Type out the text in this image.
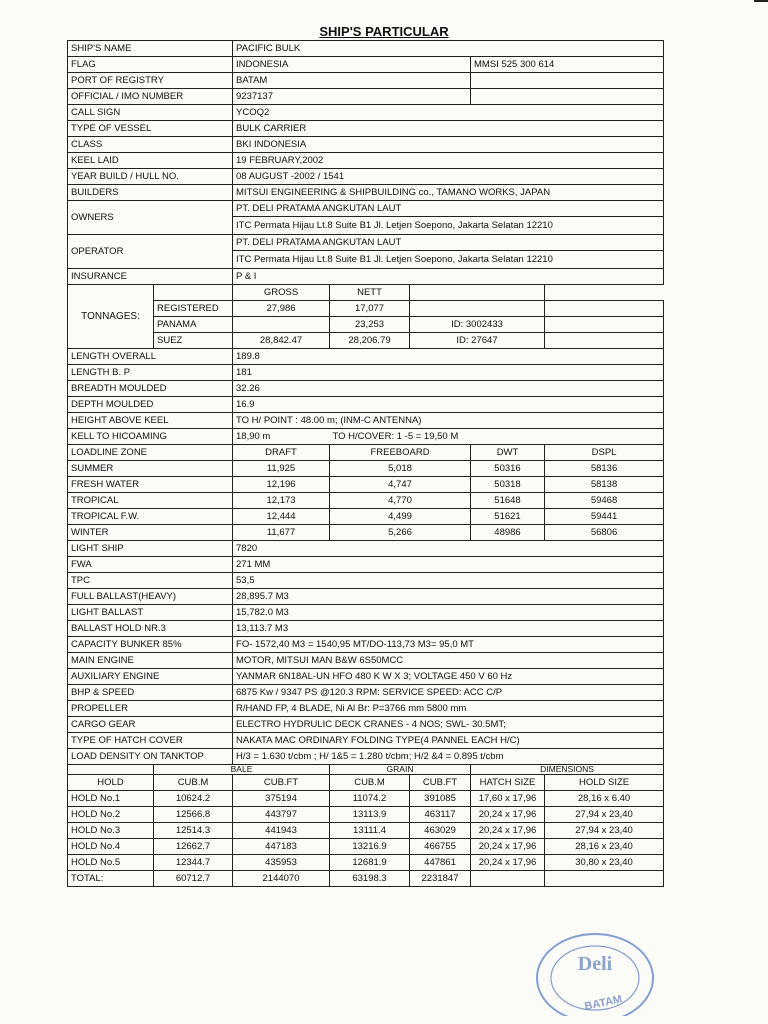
SHIP'S PARTICULAR
SHIP'S NAME		PACIFIC BULK				
FLAG		INDONESIA			MMSI 525 300 614	
PORT OF REGISTRY		BATAM				
OFFICIAL / IMO NUMBER		9237137				
CALL SIGN		YCOQ2				
TYPE OF VESSEL		BULK CARRIER				
CLASS		BKI INDONESIA				
KEEL LAID		19 FEBRUARY,2002				
YEAR BUILD / HULL NO.		08 AUGUST -2002 / 1541				
BUILDERS		MITSUI ENGINEERING & SHIPBUILDING co., TAMANO WORKS, JAPAN				
OWNERS		PT. DELI PRATAMA ANGKUTAN LAUT				
		ITC Permata Hijau Lt.8 Suite B1 Jl. Letjen Soepono, Jakarta Selatan 12210				
OPERATOR		PT. DELI PRATAMA ANGKUTAN LAUT				
		ITC Permata Hijau Lt.8 Suite B1 Jl. Letjen Soepono, Jakarta Selatan 12210				
INSURANCE		P & I				
TONNAGES:		GROSS	NETT			
	REGISTERED	27,986	17,077			
	PANAMA		23,253	ID: 3002433		
	SUEZ	28,842.47	28,206.79	ID: 27647		
LENGTH OVERALL		189.8				
LENGTH B. P		181				
BREADTH MOULDED		32.26				
DEPTH MOULDED		16.9				
HEIGHT ABOVE KEEL		TO H/ POINT : 48.00 m; (INM-C ANTENNA)				
KELL TO HICOAMING		18,90 m	TO H/COVER: 1 -5 = 19,50 M			
LOADLINE ZONE		DRAFT	FREEBOARD		DWT	DSPL
SUMMER		11,925	5,018		50316	58136
FRESH WATER		12,196	4,747		50318	58138
TROPICAL		12,173	4,770		51648	59468
TROPICAL F.W.		12,444	4,499		51621	59441
WINTER		11,677	5,266		48986	56806
LIGHT SHIP		7820				
FWA		271 MM				
TPC		53,5				
FULL BALLAST(HEAVY)		28,895.7 M3				
LIGHT BALLAST		15,782.0 M3				
BALLAST HOLD NR.3		13,113.7 M3				
CAPACITY BUNKER 85%		FO- 1572,40 M3 = 1540,95 MT/DO-113,73 M3= 95,0 MT				
MAIN ENGINE		MOTOR, MITSUI MAN B&W 6S50MCC				
AUXILIARY ENGINE		YANMAR 6N18AL-UN HFO 480 K W X 3; VOLTAGE 450 V 60 Hz				
BHP & SPEED		6875 Kw / 9347 PS @120.3 RPM: SERVICE SPEED: ACC C/P				
PROPELLER		R/HAND FP, 4 BLADE, Ni Al Br: P=3766 mm 5800 mm				
CARGO GEAR		ELECTRO HYDRULIC DECK CRANES - 4 NOS; SWL- 30.5MT;				
TYPE OF HATCH COVER		NAKATA MAC ORDINARY FOLDING TYPE(4 PANNEL EACH H/C)				
LOAD DENSITY ON TANKTOP		H/3 = 1.630 t/cbm ; H/ 1&5 = 1.280 t/cbm; H/2 &4 = 0.895 t/cbm				
	BALE		GRAIN		DIMENSIONS	
HOLD	CUB.M	CUB.FT	CUB.M	CUB.FT	HATCH SIZE	HOLD SIZE
HOLD No.1	10624.2	375194	11074.2	391085	17,60 x 17,96	28,16 x 6.40
HOLD No.2	12566.8	443797	13113.9	463117	20,24 x 17,96	27,94 x 23,40
HOLD No.3	12514.3	441943	13111.4	463029	20,24 x 17,96	27,94 x 23,40
HOLD No.4	12662.7	447183	13216.9	466755	20,24 x 17,96	28,16 x 23,40
HOLD No.5	12344.7	435953	12681.9	447861	20,24 x 17,96	30,80 x 23,40
TOTAL:	60712.7	2144070	63198.3	2231847		
Deli
BATAM
